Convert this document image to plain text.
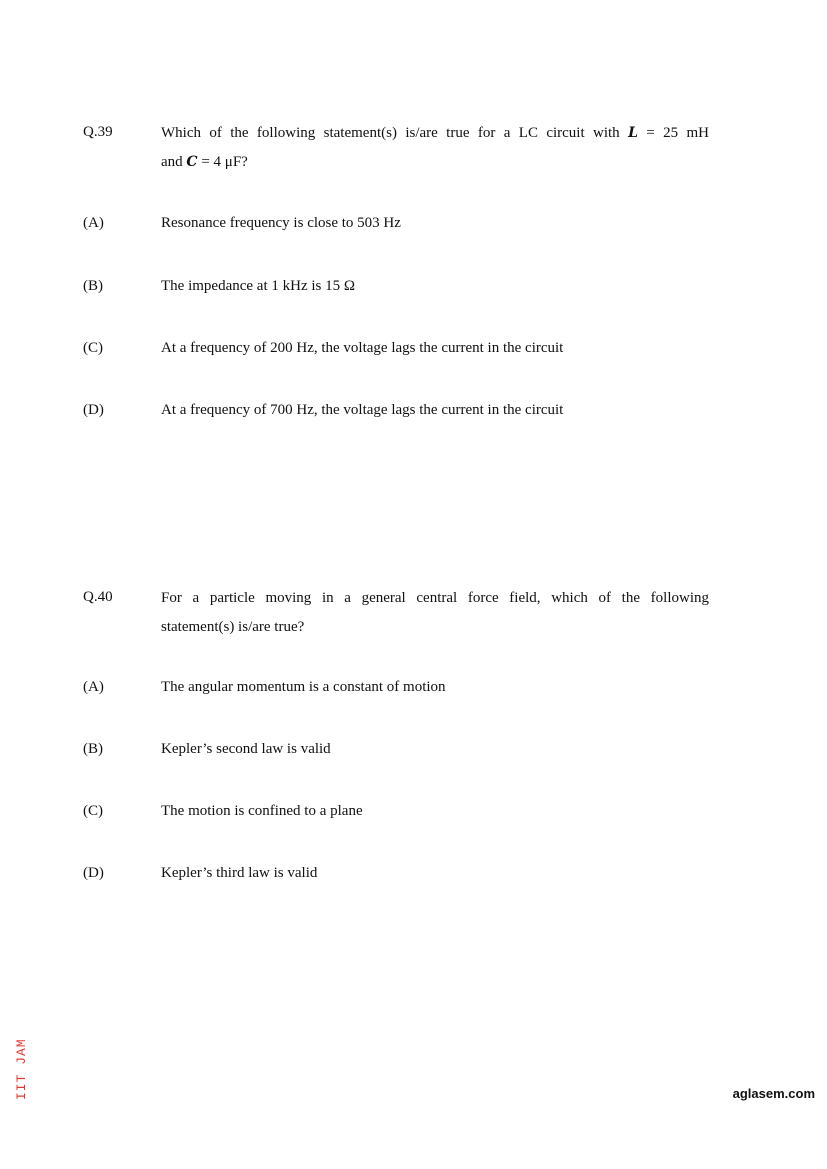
Q.39	Which of the following statement(s) is/are true for a LC circuit with L = 25 mH
and C = 4 μF?
(A)	Resonance frequency is close to 503 Hz
(B)	The impedance at 1 kHz is 15 Ω
(C)	At a frequency of 200 Hz, the voltage lags the current in the circuit
(D)	At a frequency of 700 Hz, the voltage lags the current in the circuit
Q.40	For a particle moving in a general central force field, which of the following
statement(s) is/are true?
(A)	The angular momentum is a constant of motion
(B)	Kepler’s second law is valid
(C)	The motion is confined to a plane
(D)	Kepler’s third law is valid
IIT JAM	aglasem.com
